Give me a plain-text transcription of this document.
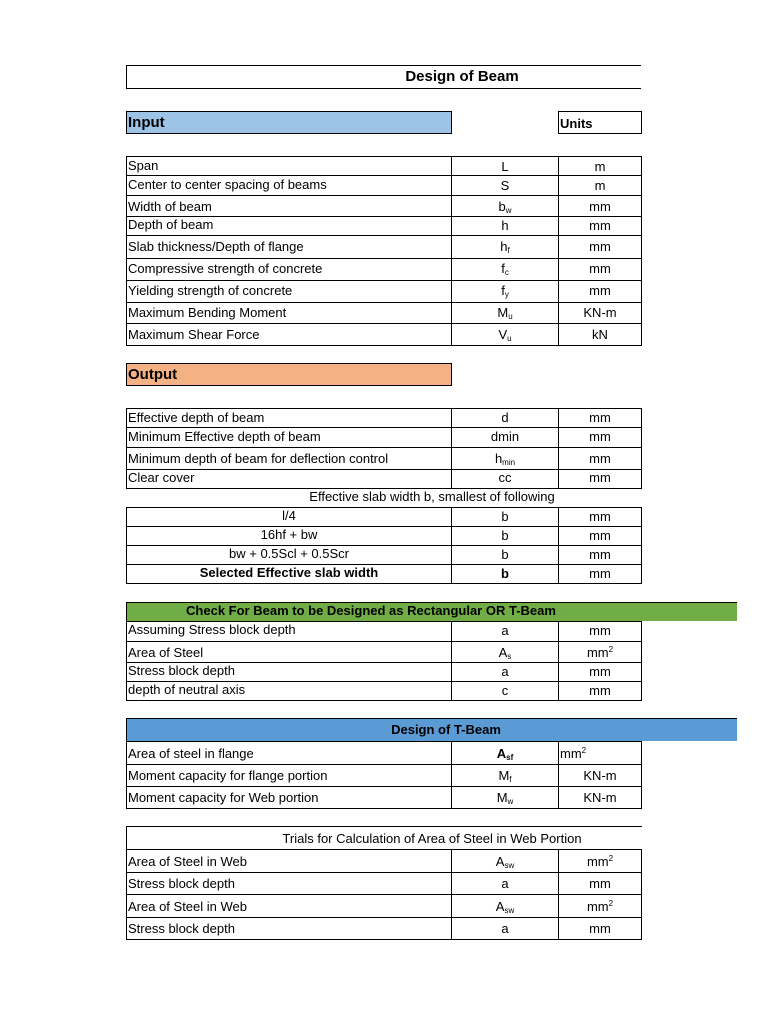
Design of Beam
Input	Units
Span	L	m
Center to center spacing of beams	S	m
Width of beam	$b_w$	mm
Depth of beam	h	mm
Slab thickness/Depth of flange	$h_f$	mm
Compressive strength of concrete	$f_c$	mm
Yielding strength of concrete	$f_y$	mm
Maximum Bending Moment	$M_u$	KN-m
Maximum Shear Force	$V_u$	kN
Output
Effective depth of beam	d	mm
Minimum Effective depth of beam	dmin	mm
Minimum depth of beam for deflection control	$h_{min}$	mm
Clear cover	cc	mm
Effective slab width b, smallest of following
l/4	b	mm
16hf + bw	b	mm
bw + 0.5Scl + 0.5Scr	b	mm
Selected Effective slab width	b	mm
Check For Beam to be Designed as Rectangular OR T-Beam
Assuming Stress block depth	a	mm
Area of Steel	$A_s$	$mm^2$
Stress block depth	a	mm
depth of neutral axis	c	mm
Design of T-Beam
Area of steel in flange	$A_{sf}$	$mm^2$
Moment capacity for flange portion	$M_f$	KN-m
Moment capacity for Web portion	$M_w$	KN-m
Trials for Calculation of Area of Steel in Web Portion
Area of Steel in Web	$A_{sw}$	$mm^2$
Stress block depth	a	mm
Area of Steel in Web	$A_{sw}$	$mm^2$
Stress block depth	a	mm
